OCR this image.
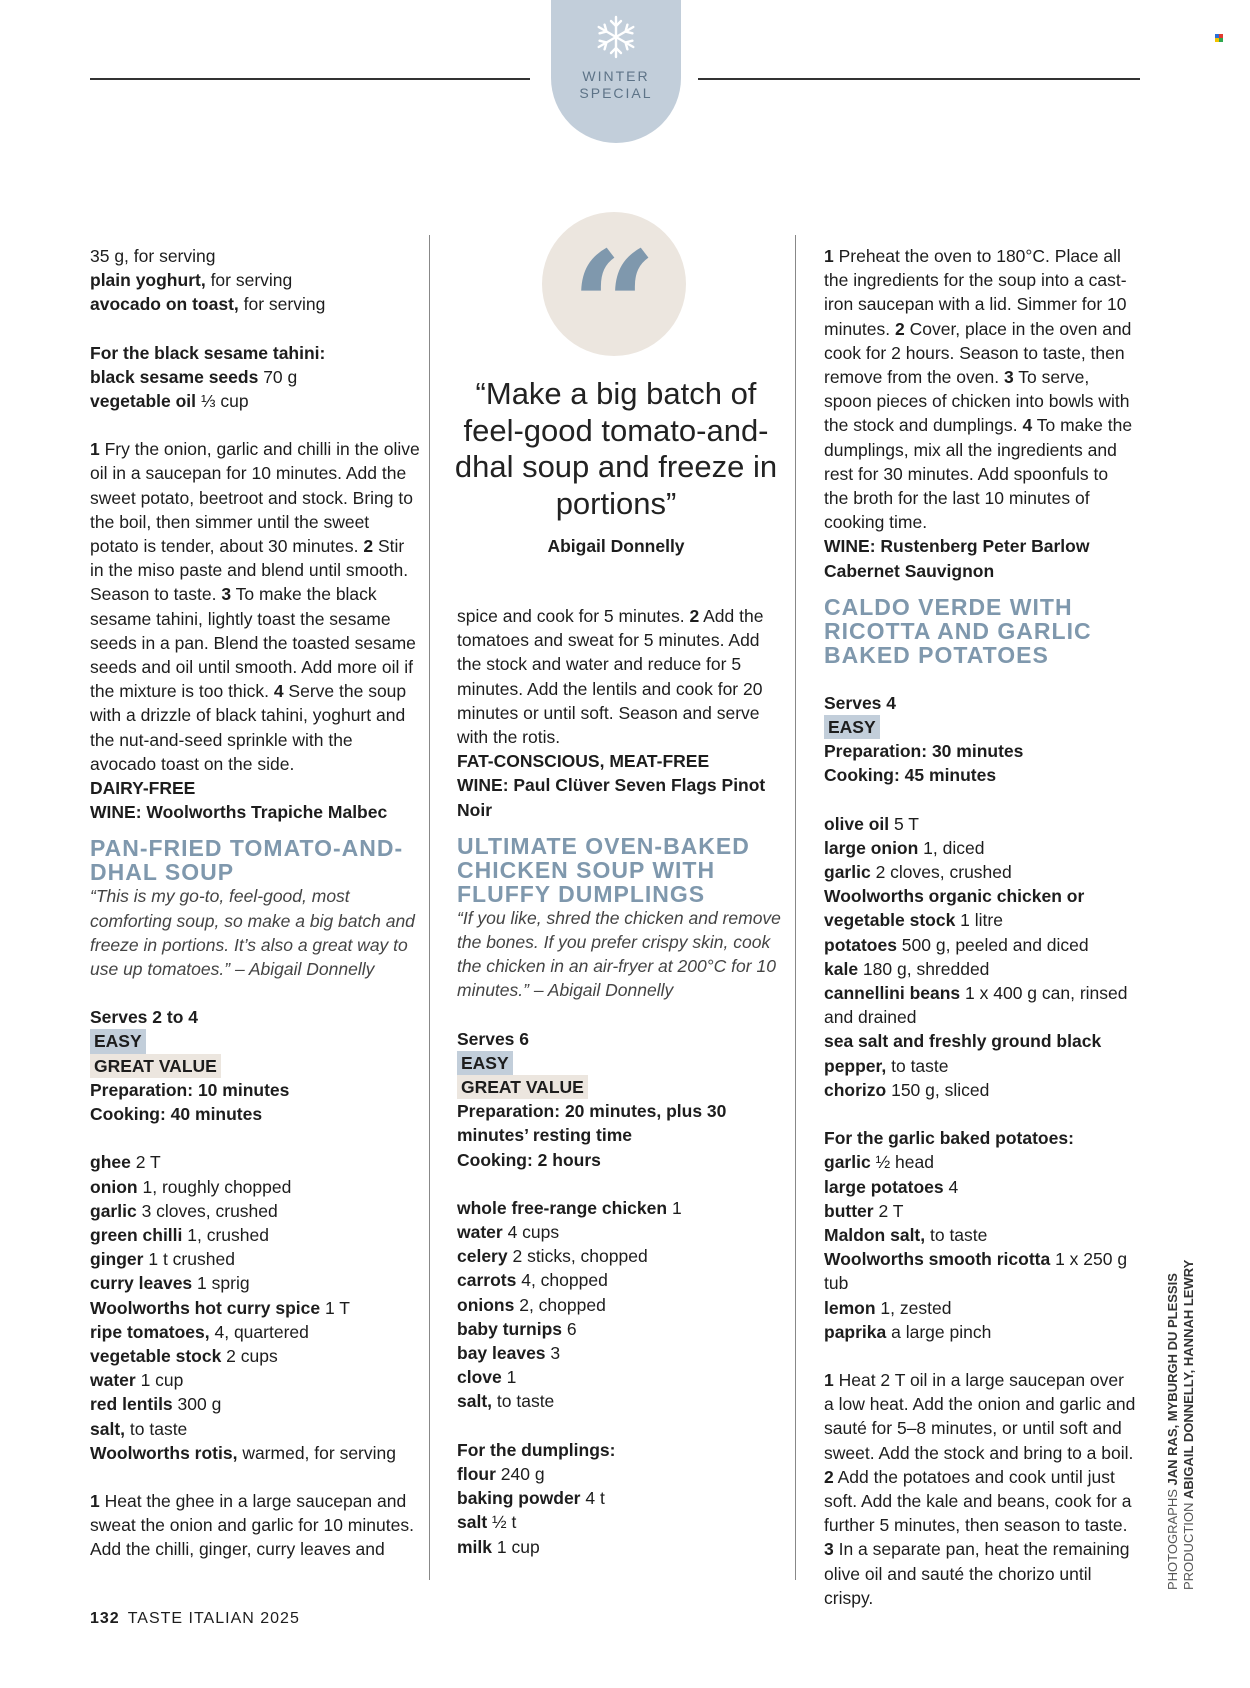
WINTER
SPECIAL

35 g, for serving

plain yoghurt, for serving

avocado on toast, for serving

For the black sesame tahini:

black sesame seeds 70 g

vegetable oil ⅓ cup

1 Fry the onion, garlic and chilli in the olive oil in a saucepan for 10 minutes. Add the sweet potato, beetroot and stock. Bring to the boil, then simmer until the sweet potato is tender, about 30 minutes. 2 Stir in the miso paste and blend until smooth. Season to taste. 3 To make the black sesame tahini, lightly toast the sesame seeds in a pan. Blend the toasted sesame seeds and oil until smooth. Add more oil if the mixture is too thick. 4 Serve the soup with a drizzle of black tahini, yoghurt and the nut-and-seed sprinkle with the avocado toast on the side.

DAIRY-FREE

WINE: Woolworths Trapiche Malbec

PAN-FRIED TOMATO-AND-DHAL SOUP

“This is my go-to, feel-good, most comforting soup, so make a big batch and freeze in portions. It’s also a great way to use up tomatoes.” – Abigail Donnelly

Serves 2 to 4

EASY

GREAT VALUE

Preparation: 10 minutes

Cooking: 40 minutes

ghee 2 T

onion 1, roughly chopped

garlic 3 cloves, crushed

green chilli 1, crushed

ginger 1 t crushed

curry leaves 1 sprig

Woolworths hot curry spice 1 T

ripe tomatoes, 4, quartered

vegetable stock 2 cups

water 1 cup

red lentils 300 g

salt, to taste

Woolworths rotis, warmed, for serving

1 Heat the ghee in a large saucepan and sweat the onion and garlic for 10 minutes. Add the chilli, ginger, curry leaves and

“
“Make a big batch of feel-good tomato-and-dhal soup and freeze in portions”
Abigail Donnelly

spice and cook for 5 minutes. 2 Add the tomatoes and sweat for 5 minutes. Add the stock and water and reduce for 5 minutes. Add the lentils and cook for 20 minutes or until soft. Season and serve with the rotis.

FAT-CONSCIOUS, MEAT-FREE

WINE: Paul Clüver Seven Flags Pinot Noir

ULTIMATE OVEN-BAKED CHICKEN SOUP WITH FLUFFY DUMPLINGS

“If you like, shred the chicken and remove the bones. If you prefer crispy skin, cook the chicken in an air-fryer at 200°C for 10 minutes.” – Abigail Donnelly

Serves 6

EASY

GREAT VALUE

Preparation: 20 minutes, plus 30 minutes’ resting time

Cooking: 2 hours

whole free-range chicken 1

water 4 cups

celery 2 sticks, chopped

carrots 4, chopped

onions 2, chopped

baby turnips 6

bay leaves 3

clove 1

salt, to taste

For the dumplings:

flour 240 g

baking powder 4 t

salt ½ t

milk 1 cup

1 Preheat the oven to 180°C. Place all the ingredients for the soup into a cast-iron saucepan with a lid. Simmer for 10 minutes. 2 Cover, place in the oven and cook for 2 hours. Season to taste, then remove from the oven. 3 To serve, spoon pieces of chicken into bowls with the stock and dumplings. 4 To make the dumplings, mix all the ingredients and rest for 30 minutes. Add spoonfuls to the broth for the last 10 minutes of cooking time.

WINE: Rustenberg Peter Barlow Cabernet Sauvignon

CALDO VERDE WITH RICOTTA AND GARLIC BAKED POTATOES

Serves 4

EASY

Preparation: 30 minutes

Cooking: 45 minutes

olive oil 5 T

large onion 1, diced

garlic 2 cloves, crushed

Woolworths organic chicken or vegetable stock 1 litre

potatoes 500 g, peeled and diced

kale 180 g, shredded

cannellini beans 1 x 400 g can, rinsed and drained

sea salt and freshly ground black pepper, to taste

chorizo 150 g, sliced

For the garlic baked potatoes:

garlic ½ head

large potatoes 4

butter 2 T

Maldon salt, to taste

Woolworths smooth ricotta 1 x 250 g tub

lemon 1, zested

paprika a large pinch

1 Heat 2 T oil in a large saucepan over a low heat. Add the onion and garlic and sauté for 5–8 minutes, or until soft and sweet. Add the stock and bring to a boil. 2 Add the potatoes and cook until just soft. Add the kale and beans, cook for a further 5 minutes, then season to taste. 3 In a separate pan, heat the remaining olive oil and sauté the chorizo until crispy.

132 TASTE ITALIAN 2025
PHOTOGRAPHS JAN RAS, MYBURGH DU PLESSIS
PRODUCTION ABIGAIL DONNELLY, HANNAH LEWRY
